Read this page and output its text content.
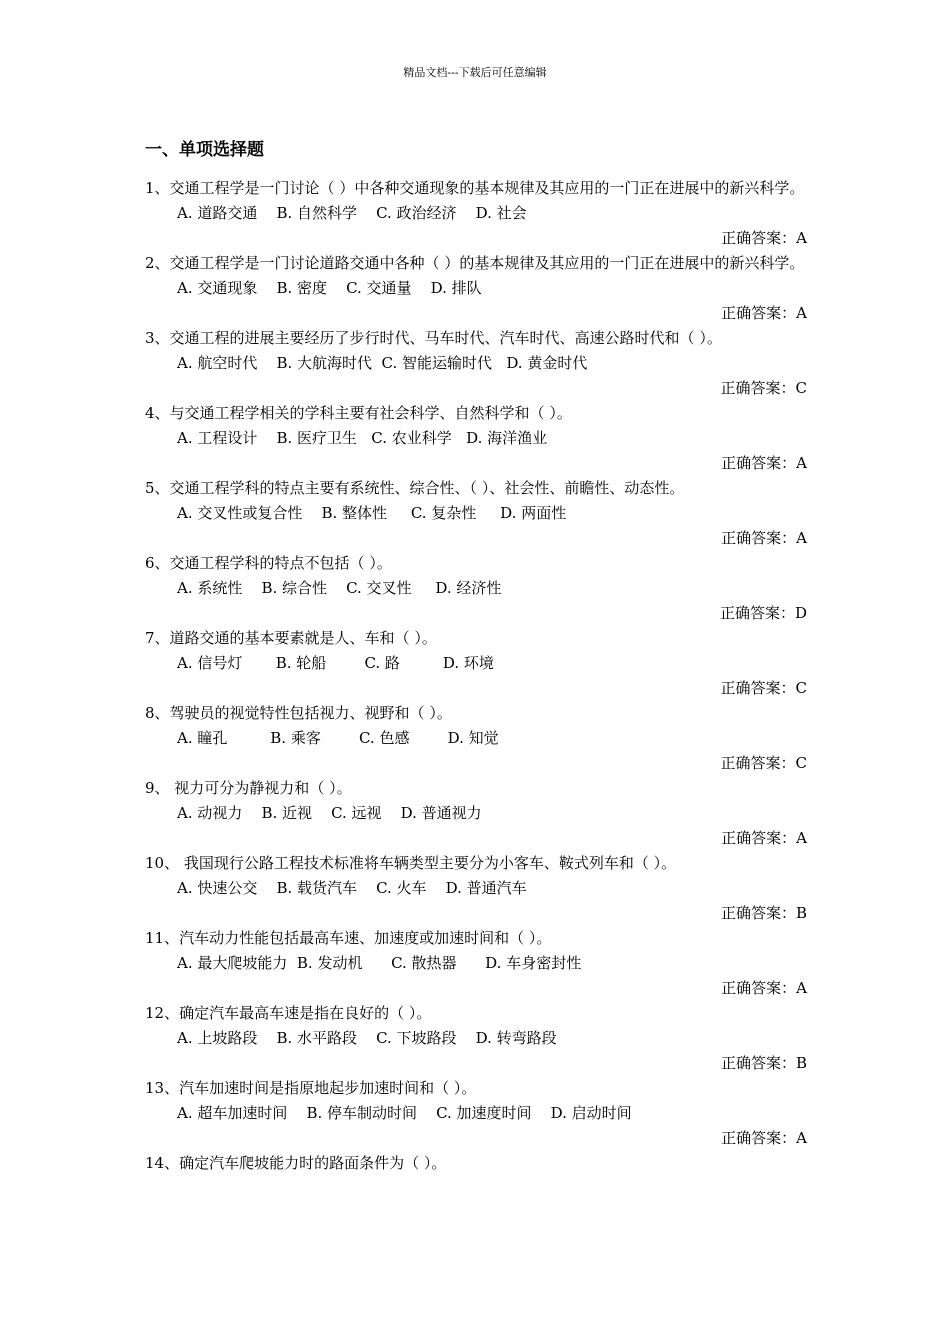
精品文档---下载后可任意编辑
一、单项选择题

1、交通工程学是一门讨论（ ）中各种交通现象的基本规律及其应用的一门正在进展中的新兴科学。

A. 道路交通    B. 自然科学    C. 政治经济    D. 社会

正确答案：A

2、交通工程学是一门讨论道路交通中各种（ ）的基本规律及其应用的一门正在进展中的新兴科学。

A. 交通现象    B. 密度    C. 交通量    D. 排队

正确答案：A

3、交通工程的进展主要经历了步行时代、马车时代、汽车时代、高速公路时代和（ ）。

A. 航空时代    B. 大航海时代  C. 智能运输时代   D. 黄金时代

正确答案：C

4、与交通工程学相关的学科主要有社会科学、自然科学和（ ）。

A. 工程设计    B. 医疗卫生   C. 农业科学   D. 海洋渔业

正确答案：A

5、交通工程学科的特点主要有系统性、综合性、（ ）、社会性、前瞻性、动态性。

A. 交叉性或复合性    B. 整体性     C. 复杂性     D. 两面性

正确答案：A

6、交通工程学科的特点不包括（ ）。

A. 系统性    B. 综合性    C. 交叉性     D. 经济性

正确答案：D

7、道路交通的基本要素就是人、车和（ ）。

A. 信号灯       B. 轮船        C. 路         D. 环境

正确答案：C

8、驾驶员的视觉特性包括视力、视野和（ ）。

A. 瞳孔         B. 乘客        C. 色感        D. 知觉

正确答案：C

9、 视力可分为静视力和（ ）。

A. 动视力    B. 近视    C. 远视    D. 普通视力

正确答案：A

10、 我国现行公路工程技术标准将车辆类型主要分为小客车、鞍式列车和（ ）。

A. 快速公交    B. 载货汽车    C. 火车    D. 普通汽车

正确答案：B

11、汽车动力性能包括最高车速、加速度或加速时间和（ ）。

A. 最大爬坡能力  B. 发动机      C. 散热器      D. 车身密封性

正确答案：A

12、确定汽车最高车速是指在良好的（ ）。

A. 上坡路段    B. 水平路段    C. 下坡路段    D. 转弯路段

正确答案：B

13、汽车加速时间是指原地起步加速时间和（ ）。

A. 超车加速时间    B. 停车制动时间    C. 加速度时间    D. 启动时间

正确答案：A

14、确定汽车爬坡能力时的路面条件为（ ）。
